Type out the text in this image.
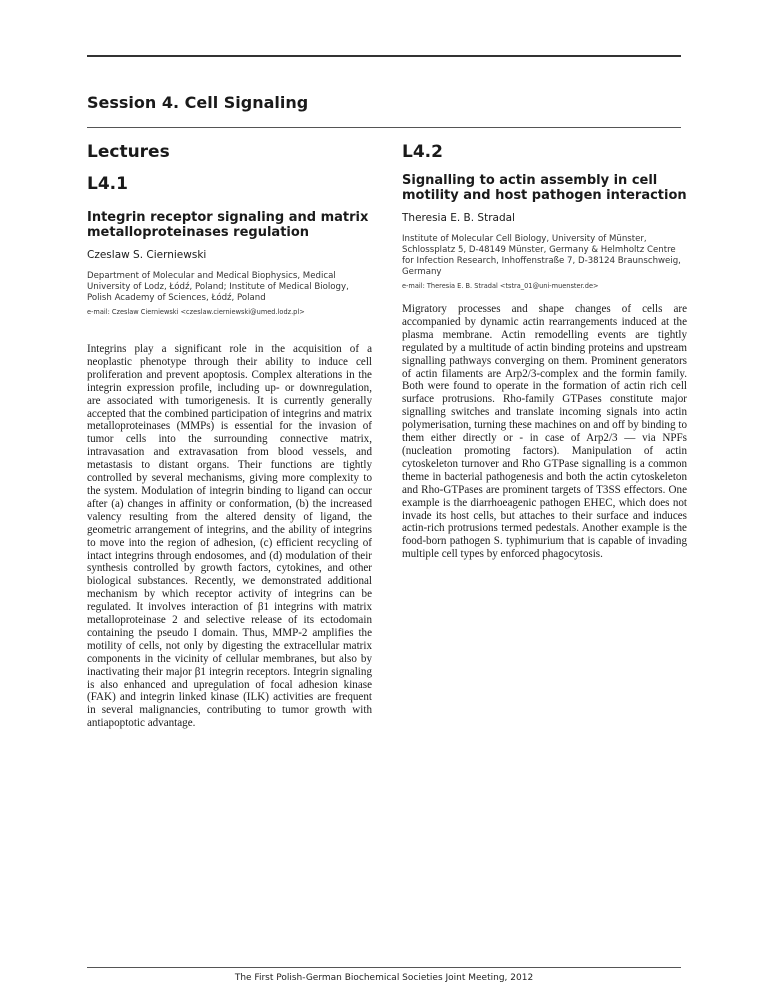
Session 4. Cell Signaling
Lectures
L4.1
Integrin receptor signaling and matrix metalloproteinases regulation

Czeslaw S. Cierniewski

Department of Molecular and Medical Biophysics, Medical University of Lodz, Łódź, Poland; Institute of Medical Biology, Polish Academy of Sciences, Łódź, Poland

e-mail: Czeslaw Cierniewski <czeslaw.cierniewski@umed.lodz.pl>

Integrins play a significant role in the acquisition of a neoplastic phenotype through their ability to induce cell proliferation and prevent apoptosis. Complex alterations in the integrin expression profile, including up- or downregulation, are associated with tumorigenesis. It is currently generally accepted that the combined participation of integrins and matrix metalloproteinases (MMPs) is essential for the invasion of tumor cells into the surrounding connective matrix, intravasation and extravasation from blood vessels, and metastasis to distant organs. Their functions are tightly controlled by several mechanisms, giving more complexity to the system. Modulation of integrin binding to ligand can occur after (a) changes in affinity or conformation, (b) the increased valency resulting from the altered density of ligand, the geometric arrangement of integrins, and the ability of integrins to move into the region of adhesion, (c) efficient recycling of intact integrins through endosomes, and (d) modulation of their synthesis controlled by growth factors, cytokines, and other biological substances. Recently, we demonstrated additional mechanism by which receptor activity of integrins can be regulated. It involves interaction of β1 integrins with matrix metalloproteinase 2 and selective release of its ectodomain containing the pseudo I domain. Thus, MMP-2 amplifies the motility of cells, not only by digesting the extracellular matrix components in the vicinity of cellular membranes, but also by inactivating their major β1 integrin receptors. Integrin signaling is also enhanced and upregulation of focal adhesion kinase (FAK) and integrin linked kinase (ILK) activities are frequent in several malignancies, contributing to tumor growth with antiapoptotic advantage.

L4.2
Signalling to actin assembly in cell motility and host pathogen interaction

Theresia E. B. Stradal

Institute of Molecular Cell Biology, University of Münster, Schlossplatz 5, D-48149 Münster, Germany & Helmholtz Centre for Infection Research, Inhoffenstraße 7, D-38124 Braunschweig, Germany

e-mail: Theresia E. B. Stradal <tstra_01@uni-muenster.de>

Migratory processes and shape changes of cells are accompanied by dynamic actin rearrangements induced at the plasma membrane. Actin remodelling events are tightly regulated by a multitude of actin binding proteins and upstream signalling pathways converging on them. Prominent generators of actin filaments are Arp2/3-complex and the formin family. Both were found to operate in the formation of actin rich cell surface protrusions. Rho-family GTPases constitute major signalling switches and translate incoming signals into actin polymerisation, turning these machines on and off by binding to them either directly or - in case of Arp2/3 — via NPFs (nucleation promoting factors). Manipulation of actin cytoskeleton turnover and Rho GTPase signalling is a common theme in bacterial pathogenesis and both the actin cytoskeleton and Rho-GTPases are prominent targets of T3SS effectors. One example is the diarrhoeagenic pathogen EHEC, which does not invade its host cells, but attaches to their surface and induces actin-rich protrusions termed pedestals. Another example is the food-born pathogen S. typhimurium that is capable of invading multiple cell types by enforced phagocytosis.

The First Polish-German Biochemical Societies Joint Meeting, 2012
